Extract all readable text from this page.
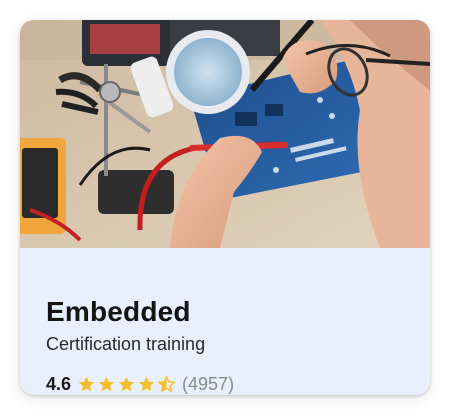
Embedded
Certification training
4.6	(4957)
